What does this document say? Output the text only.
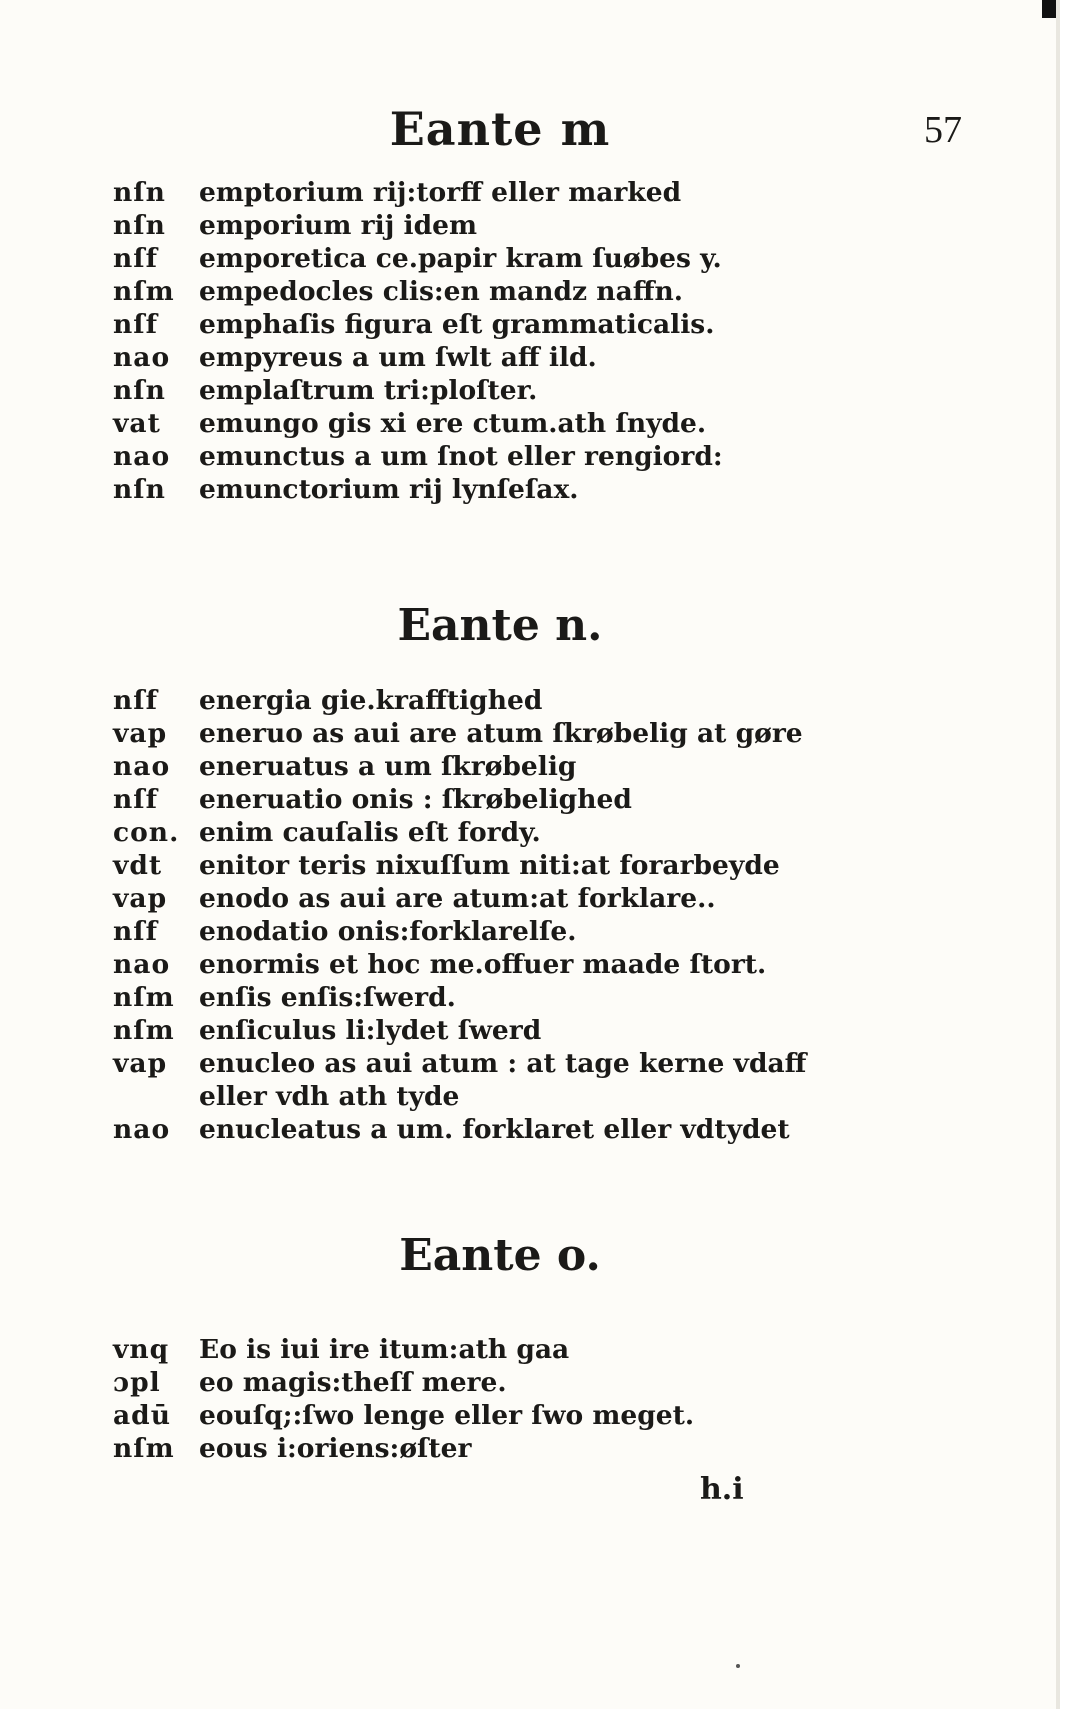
Eante m	57
nſn	emptorium rij:torff eller marked
nſn	emporium rij idem
nſf	emporetica ce.papir kram ſuøbes y.
nſm empedocles clis:en mandz naffn.
nſf	emphaſis figura eſt grammaticalis.
nao	empyreus a um ſwlt aff ild.
nſn	emplaſtrum tri:ploſter.
vat	emungo gis xi ere ctum.ath ſnyde.
nao	emunctus a um ſnot eller rengiord:
nſn	emunctorium rij lynſeſax.
Eante n.
nſf	energia gie.krafftighed
vap	eneruo as aui are atum ſkrøbelig at gøre
nao	eneruatus a um ſkrøbelig
nſf	eneruatio onis : ſkrøbelighed
con. enim cauſalis eſt fordy.
vdt	enitor teris nixuſſum niti:at forarbeyde
vap	enodo as aui are atum:at forklare..
nſf	enodatio onis:forklarelſe.
nao	enormis et hoc me.offuer maade ſtort.
nſm enſis enſis:ſwerd.
nſm enſiculus li:lydet ſwerd
vap	enucleo as aui atum : at tage kerne vdaff
eller vdh ath tyde
nao	enucleatus a um. forklaret eller vdtydet
Eante o.
vnq	Eo is iui ire itum:ath gaa
ɔpl	eo magis:theſſ mere.
adū	eouſq;:ſwo lenge eller ſwo meget.
nſm eous i:oriens:øſter
h.i
